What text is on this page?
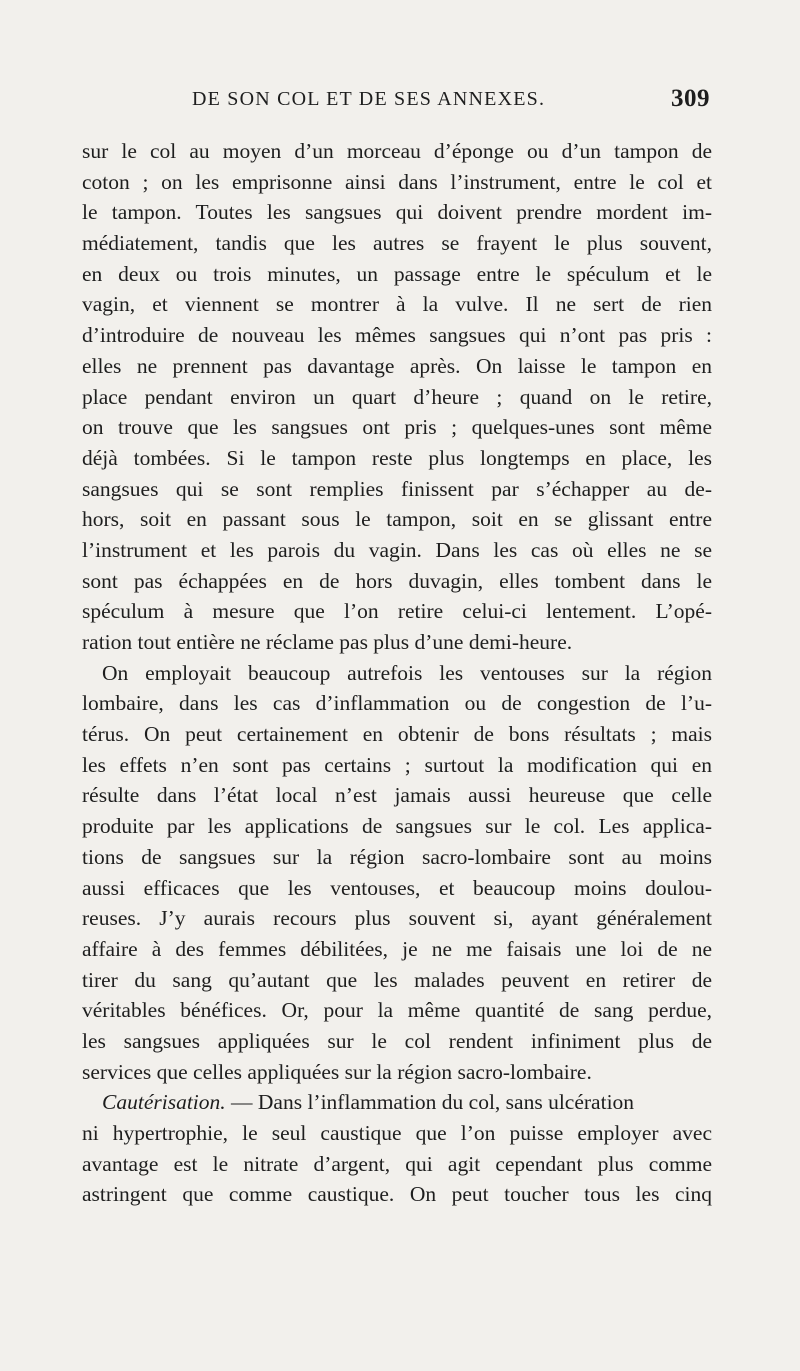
DE SON COL ET DE SES ANNEXES.	309
sur le col au moyen d’un morceau d’éponge ou d’un tampon de
coton ; on les emprisonne ainsi dans l’instrument, entre le col et
le tampon. Toutes les sangsues qui doivent prendre mordent im-
médiatement, tandis que les autres se frayent le plus souvent,
en deux ou trois minutes, un passage entre le spéculum et le
vagin, et viennent se montrer à la vulve. Il ne sert de rien
d’introduire de nouveau les mêmes sangsues qui n’ont pas pris :
elles ne prennent pas davantage après. On laisse le tampon en
place pendant environ un quart d’heure ; quand on le retire,
on trouve que les sangsues ont pris ; quelques-unes sont même
déjà tombées. Si le tampon reste plus longtemps en place, les
sangsues qui se sont remplies finissent par s’échapper au de-
hors, soit en passant sous le tampon, soit en se glissant entre
l’instrument et les parois du vagin. Dans les cas où elles ne se
sont pas échappées en de hors duvagin, elles tombent dans le
spéculum à mesure que l’on retire celui-ci lentement. L’opé-
ration tout entière ne réclame pas plus d’une demi-heure.
On employait beaucoup autrefois les ventouses sur la région
lombaire, dans les cas d’inflammation ou de congestion de l’u-
térus. On peut certainement en obtenir de bons résultats ; mais
les effets n’en sont pas certains ; surtout la modification qui en
résulte dans l’état local n’est jamais aussi heureuse que celle
produite par les applications de sangsues sur le col. Les applica-
tions de sangsues sur la région sacro-lombaire sont au moins
aussi efficaces que les ventouses, et beaucoup moins doulou-
reuses. J’y aurais recours plus souvent si, ayant généralement
affaire à des femmes débilitées, je ne me faisais une loi de ne
tirer du sang qu’autant que les malades peuvent en retirer de
véritables bénéfices. Or, pour la même quantité de sang perdue,
les sangsues appliquées sur le col rendent infiniment plus de
services que celles appliquées sur la région sacro-lombaire.
Cautérisation. — Dans l’inflammation du col, sans ulcération
ni hypertrophie, le seul caustique que l’on puisse employer avec
avantage est le nitrate d’argent, qui agit cependant plus comme
astringent que comme caustique. On peut toucher tous les cinq
